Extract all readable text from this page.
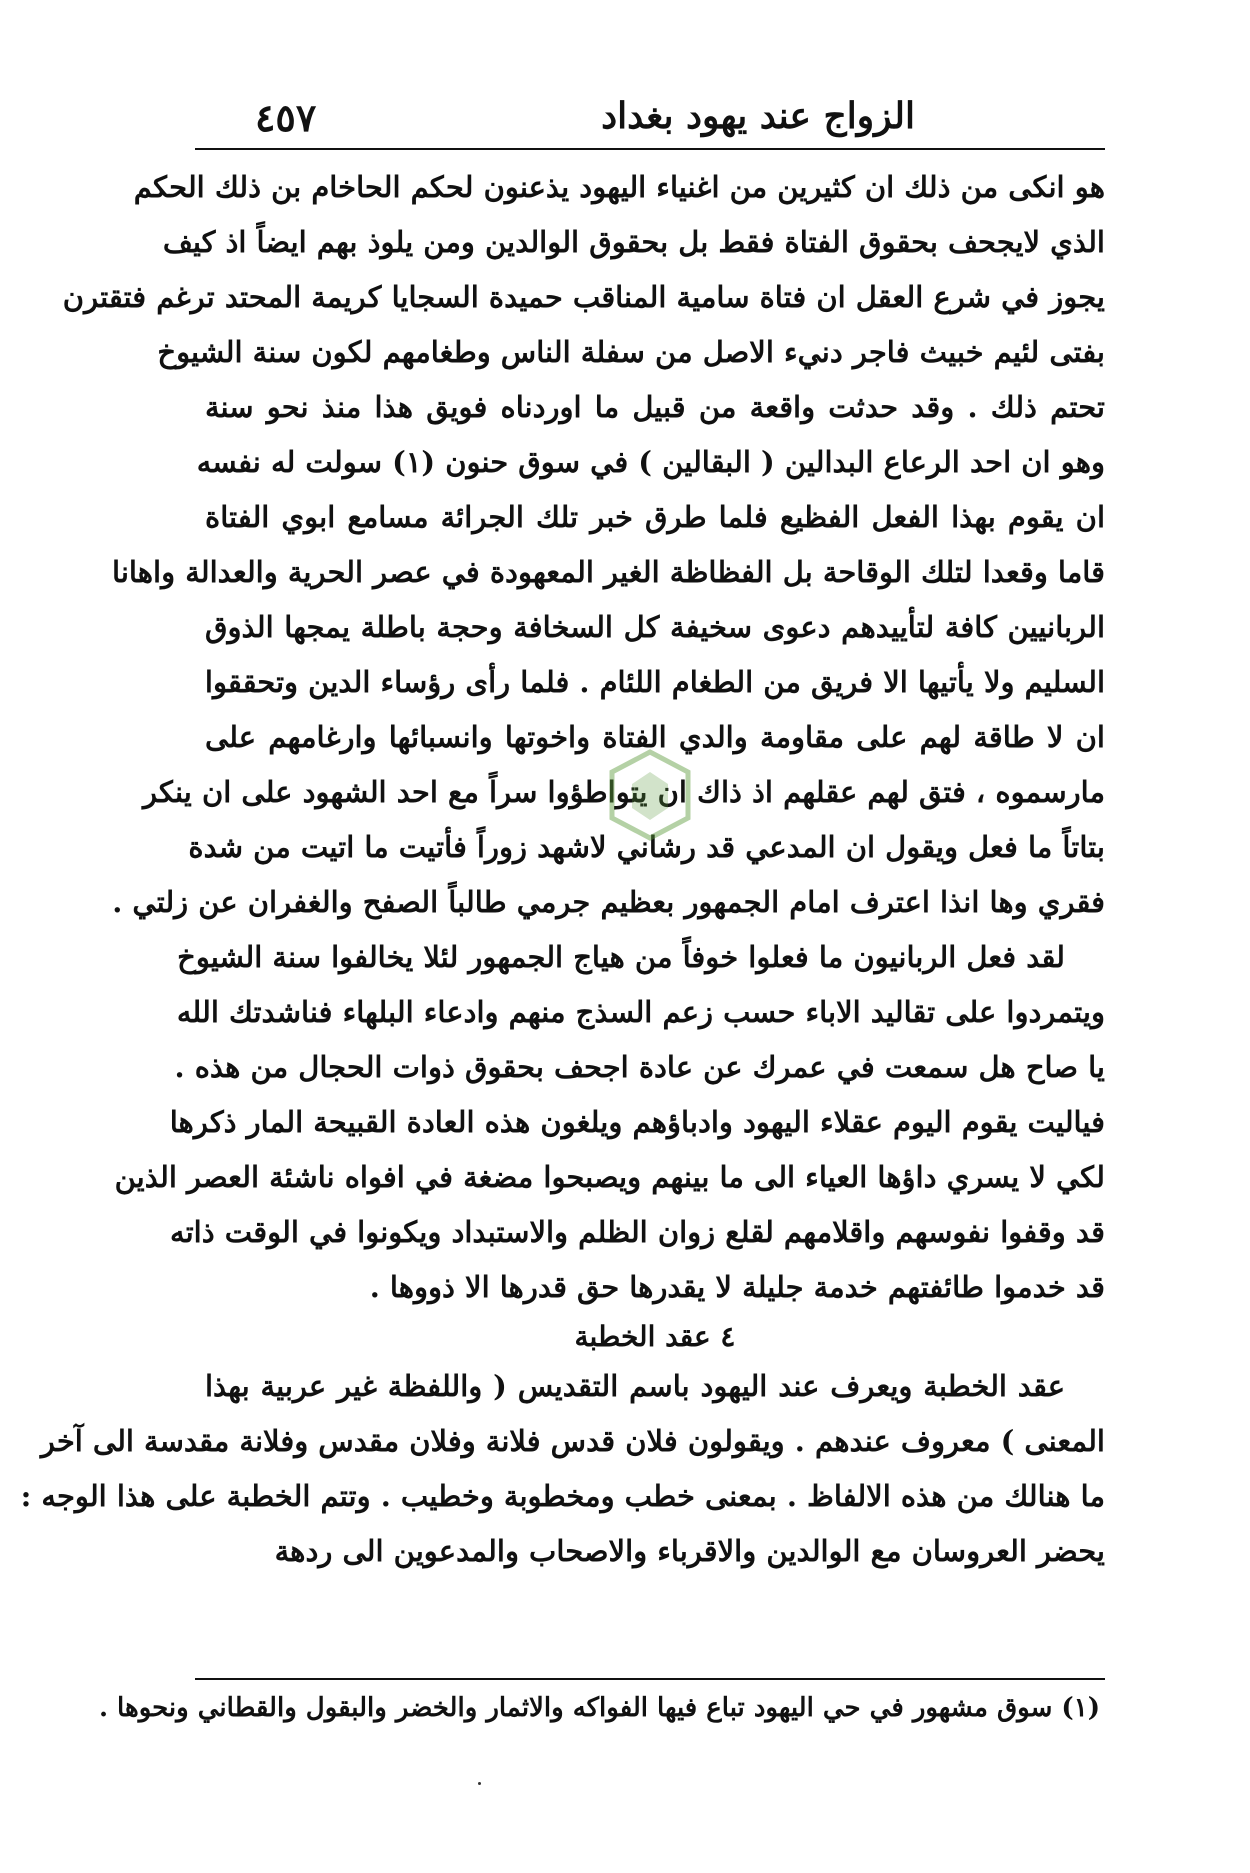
الزواج عند يهود بغداد
٤٥٧
هو انكى من ذلك ان كثيرين من اغنياء اليهود يذعنون لحكم الحاخام بن ذلك الحكم
الذي لايجحف بحقوق الفتاة فقط بل بحقوق الوالدين ومن يلوذ بهم ايضاً اذ كيف
يجوز في شرع العقل ان فتاة سامية المناقب حميدة السجايا كريمة المحتد ترغم فتقترن
بفتى لئيم خبيث فاجر دنيء الاصل من سفلة الناس وطغامهم لكون سنة الشيوخ
تحتم ذلك . وقد حدثت واقعة من قبيل ما اوردناه فويق هذا منذ نحو سنة
وهو ان احد الرعاع البدالين ( البقالين ) في سوق حنون (١) سولت له نفسه
ان يقوم بهذا الفعل الفظيع فلما طرق خبر تلك الجرائة مسامع ابوي الفتاة
قاما وقعدا لتلك الوقاحة بل الفظاظة الغير المعهودة في عصر الحرية والعدالة واهانا
الربانيين كافة لتأييدهم دعوى سخيفة كل السخافة وحجة باطلة يمجها الذوق
السليم ولا يأتيها الا فريق من الطغام اللئام . فلما رأى رؤساء الدين وتحققوا
ان لا طاقة لهم على مقاومة والدي الفتاة واخوتها وانسبائها وارغامهم على
مارسموه ، فتق لهم عقلهم اذ ذاك ان يتواطؤوا سراً مع احد الشهود على ان ينكر
بتاتاً ما فعل ويقول ان المدعي قد رشاني لاشهد زوراً فأتيت ما اتيت من شدة
فقري وها انذا اعترف امام الجمهور بعظيم جرمي طالباً الصفح والغفران عن زلتي .
لقد فعل الربانيون ما فعلوا خوفاً من هياج الجمهور لئلا يخالفوا سنة الشيوخ
ويتمردوا على تقاليد الاباء حسب زعم السذج منهم وادعاء البلهاء فناشدتك الله
يا صاح هل سمعت في عمرك عن عادة اجحف بحقوق ذوات الحجال من هذه .
فياليت يقوم اليوم عقلاء اليهود وادباؤهم ويلغون هذه العادة القبيحة المار ذكرها
لكي لا يسري داؤها العياء الى ما بينهم ويصبحوا مضغة في افواه ناشئة العصر الذين
قد وقفوا نفوسهم واقلامهم لقلع زوان الظلم والاستبداد ويكونوا في الوقت ذاته
قد خدموا طائفتهم خدمة جليلة لا يقدرها حق قدرها الا ذووها .
٤ عقد الخطبة
عقد الخطبة ويعرف عند اليهود باسم التقديس ( واللفظة غير عربية بهذا
المعنى ) معروف عندهم . ويقولون فلان قدس فلانة وفلان مقدس وفلانة مقدسة الى آخر
ما هنالك من هذه الالفاظ . بمعنى خطب ومخطوبة وخطيب . وتتم الخطبة على هذا الوجه :
يحضر العروسان مع الوالدين والاقرباء والاصحاب والمدعوين الى ردهة
(١) سوق مشهور في حي اليهود تباع فيها الفواكه والاثمار والخضر والبقول والقطاني ونحوها .
